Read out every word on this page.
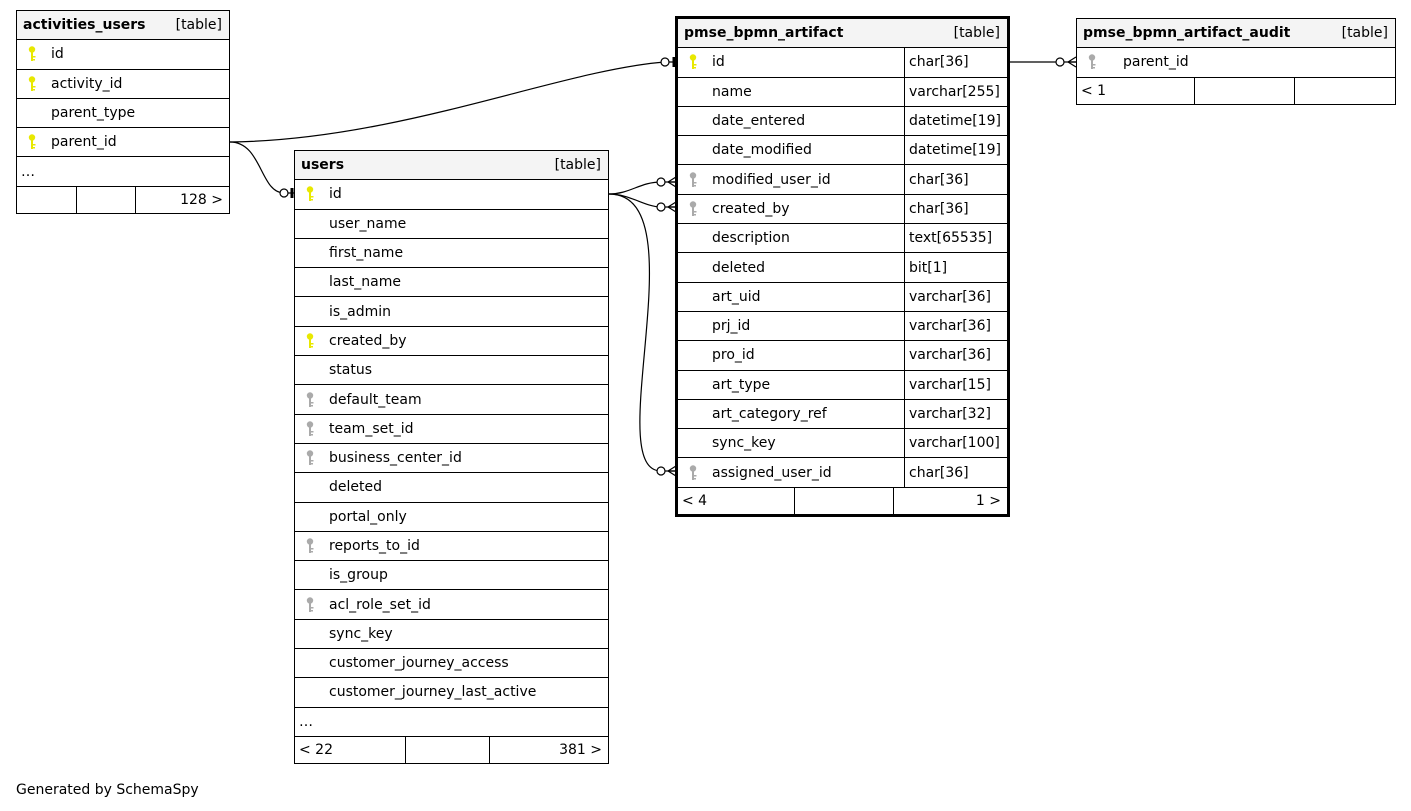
activities_users [table]
id
activity_id
parent_type
parent_id
…
128 >
users	[table]
id
user_name
first_name
last_name
is_admin
created_by
status
default_team
team_set_id
business_center_id
deleted
portal_only
reports_to_id
is_group
acl_role_set_id
sync_key
customer_journey_access
customer_journey_last_active
…
< 22	381 >
pmse_bpmn_artifact	[table]
id	char[36]
name	varchar[255]
date_entered	datetime[19]
date_modified	datetime[19]
modified_user_id	char[36]
created_by	char[36]
description	text[65535]
deleted	bit[1]
art_uid	varchar[36]
prj_id	varchar[36]
pro_id	varchar[36]
art_type	varchar[15]
art_category_ref	varchar[32]
sync_key	varchar[100]
assigned_user_id	char[36]
< 4	1 >
pmse_bpmn_artifact_audit	[table]
parent_id
< 1
Generated by SchemaSpy
